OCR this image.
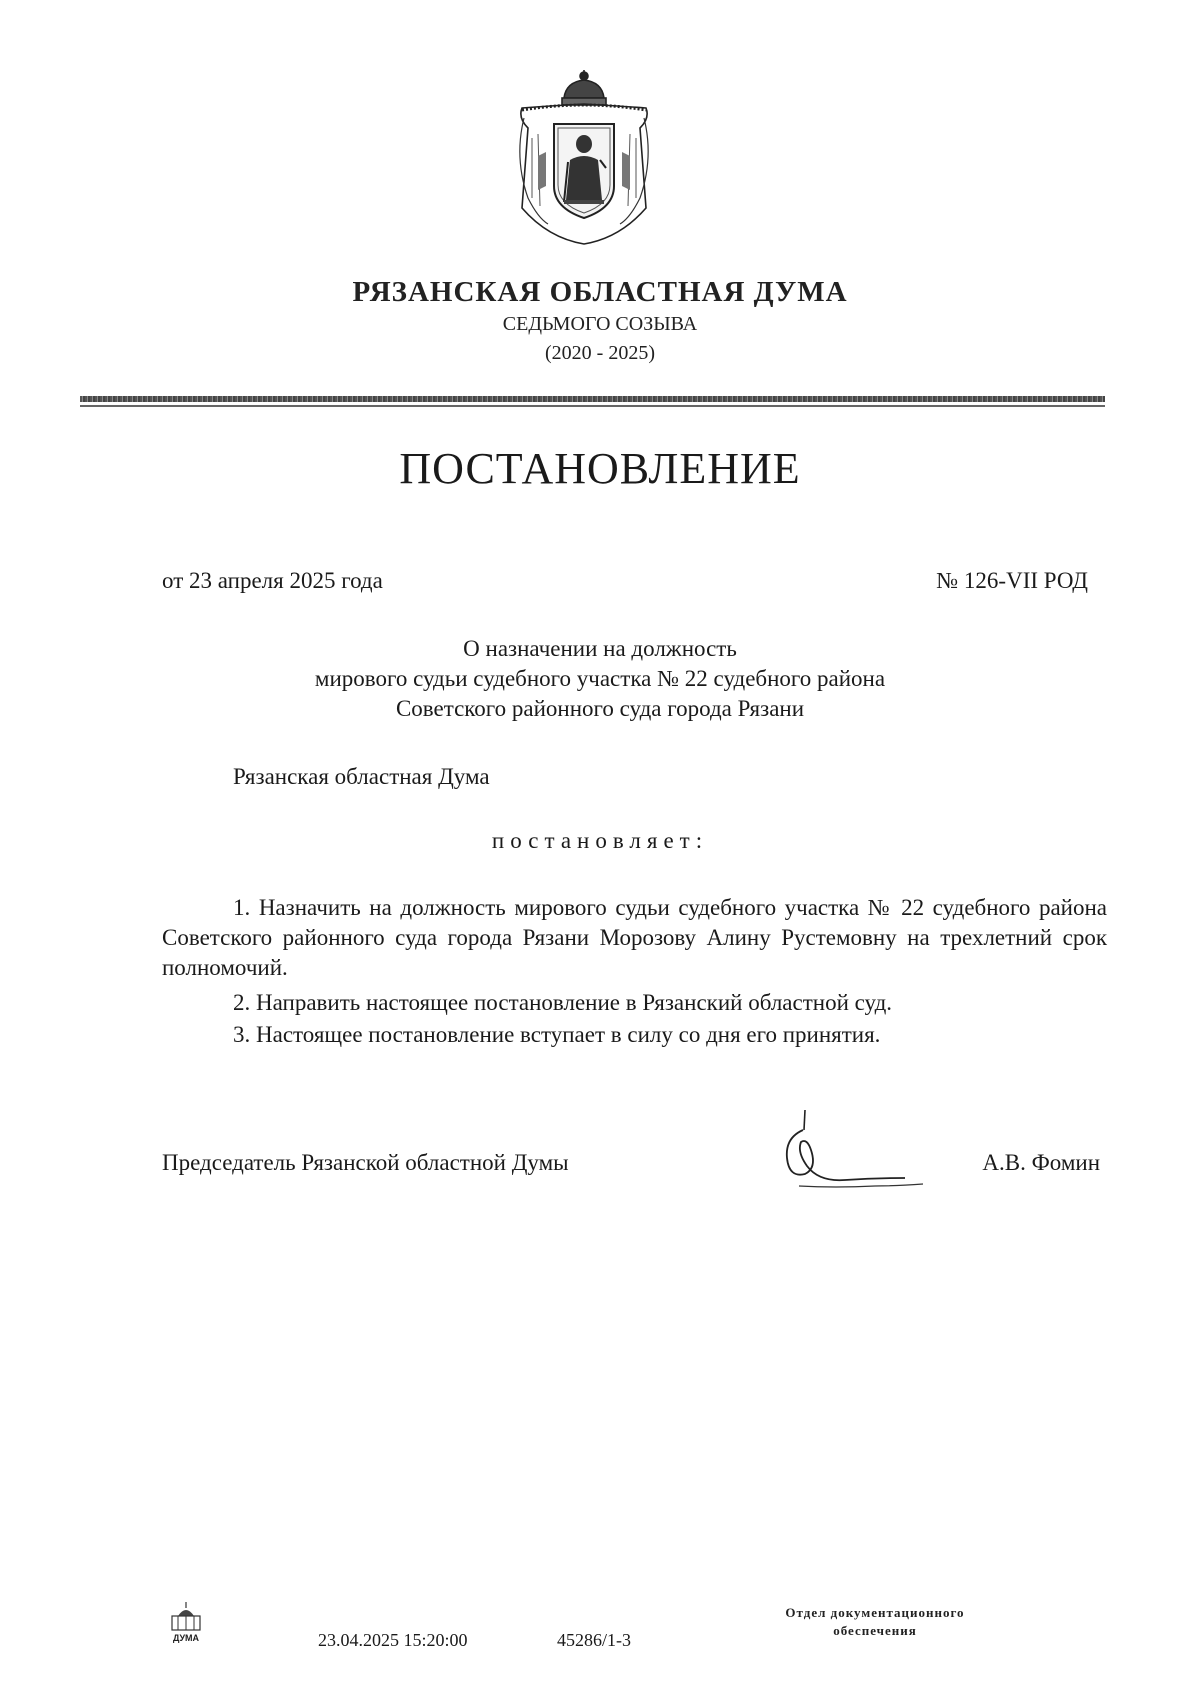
РЯЗАНСКАЯ ОБЛАСТНАЯ ДУМА
СЕДЬМОГО СОЗЫВА
(2020 - 2025)
ПОСТАНОВЛЕНИЕ
от 23 апреля 2025 года	№ 126-VII РОД
О назначении на должность
мирового судьи судебного участка № 22 судебного района
Советского районного суда города Рязани
Рязанская областная Дума
постановляет:
1. Назначить на должность мирового судьи судебного участка № 22 судебного района Советского районного суда города Рязани Морозову Алину Рустемовну на трехлетний срок полномочий.
2. Направить настоящее постановление в Рязанский областной суд.
3. Настоящее постановление вступает в силу со дня его принятия.
Председатель Рязанской областной Думы	А.В. Фомин
ДУМА	23.04.2025 15:20:00	45286/1-3
Отдел документационного
обеспечения
